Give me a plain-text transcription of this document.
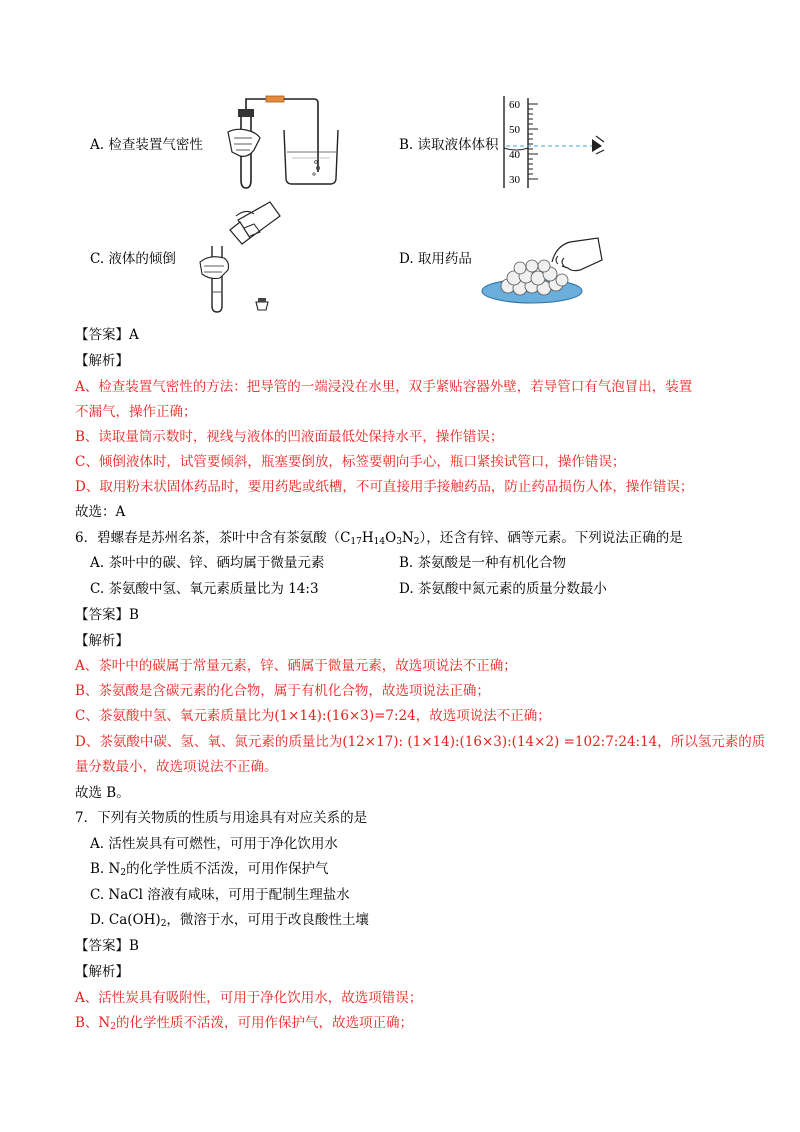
A. 检查装置气密性	B. 读取液体体积
C. 液体的倾倒	D. 取用药品
60
50
40
30
【答案】A
【解析】
A、检查装置气密性的方法：把导管的一端浸没在水里，双手紧贴容器外壁，若导管口有气泡冒出，装置
不漏气，操作正确；
B、读取量筒示数时，视线与液体的凹液面最低处保持水平，操作错误；
C、倾倒液体时，试管要倾斜，瓶塞要倒放，标签要朝向手心，瓶口紧挨试管口，操作错误；
D、取用粉末状固体药品时，要用药匙或纸槽，不可直接用手接触药品，防止药品损伤人体，操作错误；
故选：A
6．碧螺春是苏州名茶，茶叶中含有茶氨酸$(C_{17}H_{14}O_3N_2)$，还含有锌、硒等元素。下列说法正确的是
A. 茶叶中的碳、锌、硒均属于微量元素	B. 茶氨酸是一种有机化合物
C. 茶氨酸中氢、氧元素质量比为 14:3	D. 茶氨酸中氮元素的质量分数最小
【答案】B
【解析】
A、茶叶中的碳属于常量元素，锌、硒属于微量元素，故选项说法不正确；
B、茶氨酸是含碳元素的化合物，属于有机化合物，故选项说法正确；
C、茶氨酸中氢、氧元素质量比为(1×14):(16×3)=7:24，故选项说法不正确；
D、茶氨酸中碳、氢、氧、氮元素的质量比为(12×17): (1×14):(16×3):(14×2) =102:7:24:14，所以氢元素的质
量分数最小，故选项说法不正确。
故选 B。
7．下列有关物质的性质与用途具有对应关系的是
A. 活性炭具有可燃性，可用于净化饮用水
B. $N_2$的化学性质不活泼，可用作保护气
C. NaCl 溶液有咸味，可用于配制生理盐水
D. $Ca(OH)_2$，微溶于水，可用于改良酸性土壤
【答案】B
【解析】
A、活性炭具有吸附性，可用于净化饮用水，故选项错误；
B、$N_2$的化学性质不活泼，可用作保护气，故选项正确；
